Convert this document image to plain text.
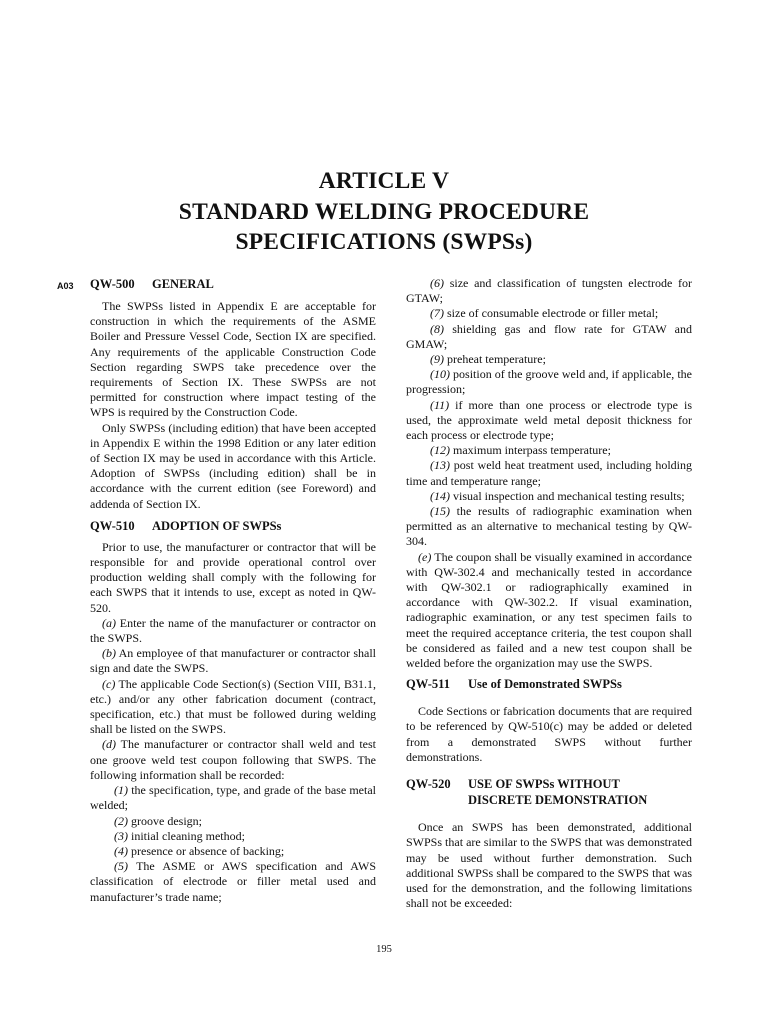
ARTICLE V
STANDARD WELDING PROCEDURE
SPECIFICATIONS (SWPSs)
A03 QW-500 GENERAL

The SWPSs listed in Appendix E are acceptable for construction in which the requirements of the ASME Boiler and Pressure Vessel Code, Section IX are specified. Any requirements of the applicable Construction Code Section regarding SWPS take precedence over the requirements of Section IX. These SWPSs are not permitted for construction where impact testing of the WPS is required by the Construction Code.

Only SWPSs (including edition) that have been accepted in Appendix E within the 1998 Edition or any later edition of Section IX may be used in accordance with this Article. Adoption of SWPSs (including edition) shall be in accordance with the current edition (see Foreword) and addenda of Section IX.

QW-510 ADOPTION OF SWPSs

Prior to use, the manufacturer or contractor that will be responsible for and provide operational control over production welding shall comply with the following for each SWPS that it intends to use, except as noted in QW-520.

(a) Enter the name of the manufacturer or contractor on the SWPS.

(b) An employee of that manufacturer or contractor shall sign and date the SWPS.

(c) The applicable Code Section(s) (Section VIII, B31.1, etc.) and/or any other fabrication document (contract, specification, etc.) that must be followed during welding shall be listed on the SWPS.

(d) The manufacturer or contractor shall weld and test one groove weld test coupon following that SWPS. The following information shall be recorded:

(1) the specification, type, and grade of the base metal welded;

(2) groove design;

(3) initial cleaning method;

(4) presence or absence of backing;

(5) The ASME or AWS specification and AWS classification of electrode or filler metal used and manufacturer’s trade name;

(6) size and classification of tungsten electrode for GTAW;

(7) size of consumable electrode or filler metal;

(8) shielding gas and flow rate for GTAW and GMAW;

(9) preheat temperature;

(10) position of the groove weld and, if applicable, the progression;

(11) if more than one process or electrode type is used, the approximate weld metal deposit thickness for each process or electrode type;

(12) maximum interpass temperature;

(13) post weld heat treatment used, including holding time and temperature range;

(14) visual inspection and mechanical testing results;

(15) the results of radiographic examination when permitted as an alternative to mechanical testing by QW-304.

(e) The coupon shall be visually examined in accordance with QW-302.4 and mechanically tested in accordance with QW-302.1 or radiographically examined in accordance with QW-302.2. If visual examination, radiographic examination, or any test specimen fails to meet the required acceptance criteria, the test coupon shall be considered as failed and a new test coupon shall be welded before the organization may use the SWPS.

QW-511 Use of Demonstrated SWPSs

Code Sections or fabrication documents that are required to be referenced by QW-510(c) may be added or deleted from a demonstrated SWPS without further demonstrations.

QW-520 USE OF SWPSs WITHOUT
DISCRETE DEMONSTRATION

Once an SWPS has been demonstrated, additional SWPSs that are similar to the SWPS that was demonstrated may be used without further demonstration. Such additional SWPSs shall be compared to the SWPS that was used for the demonstration, and the following limitations shall not be exceeded:

195
